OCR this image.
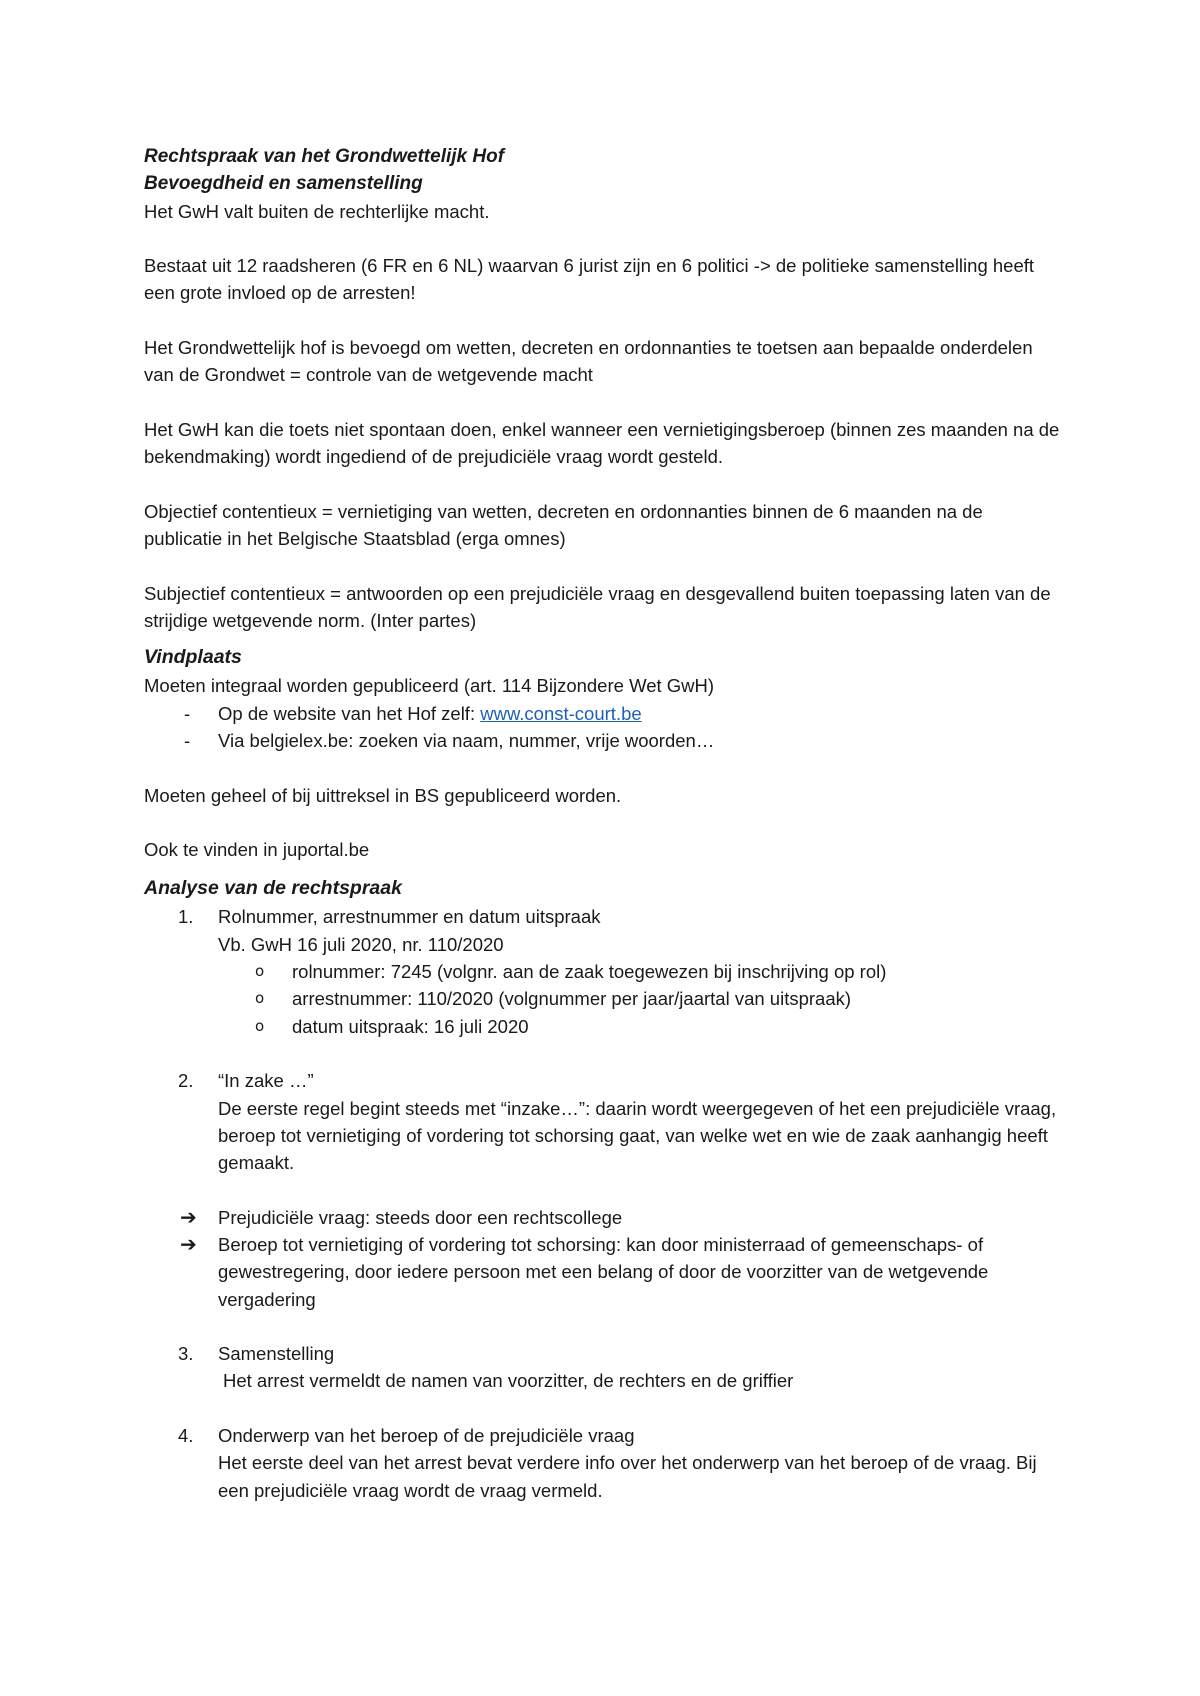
Rechtspraak van het Grondwettelijk Hof
Bevoegdheid en samenstelling
Het GwH valt buiten de rechterlijke macht.
Bestaat uit 12 raadsheren (6 FR en 6 NL) waarvan 6 jurist zijn en 6 politici -> de politieke samenstelling heeft een grote invloed op de arresten!
Het Grondwettelijk hof is bevoegd om wetten, decreten en ordonnanties te toetsen aan bepaalde onderdelen van de Grondwet = controle van de wetgevende macht
Het GwH kan die toets niet spontaan doen, enkel wanneer een vernietigingsberoep (binnen zes maanden na de bekendmaking) wordt ingediend of de prejudiciële vraag wordt gesteld.
Objectief contentieux = vernietiging van wetten, decreten en ordonnanties binnen de 6 maanden na de publicatie in het Belgische Staatsblad (erga omnes)
Subjectief contentieux = antwoorden op een prejudiciële vraag en desgevallend buiten toepassing laten van de strijdige wetgevende norm. (Inter partes)
Vindplaats
Moeten integraal worden gepubliceerd (art. 114 Bijzondere Wet GwH)
- Op de website van het Hof zelf: www.const-court.be
- Via belgielex.be: zoeken via naam, nummer, vrije woorden…
Moeten geheel of bij uittreksel in BS gepubliceerd worden.
Ook te vinden in juportal.be
Analyse van de rechtspraak
1. Rolnummer, arrestnummer en datum uitspraak
Vb. GwH 16 juli 2020, nr. 110/2020
o rolnummer: 7245 (volgnr. aan de zaak toegewezen bij inschrijving op rol)
o arrestnummer: 110/2020 (volgnummer per jaar/jaartal van uitspraak)
o datum uitspraak: 16 juli 2020
2. “In zake …”
De eerste regel begint steeds met “inzake…”: daarin wordt weergegeven of het een prejudiciële vraag, beroep tot vernietiging of vordering tot schorsing gaat, van welke wet en wie de zaak aanhangig heeft gemaakt.
➔ Prejudiciële vraag: steeds door een rechtscollege
➔ Beroep tot vernietiging of vordering tot schorsing: kan door ministerraad of gemeenschaps- of gewestregering, door iedere persoon met een belang of door de voorzitter van de wetgevende vergadering
3. Samenstelling
Het arrest vermeldt de namen van voorzitter, de rechters en de griffier
4. Onderwerp van het beroep of de prejudiciële vraag
Het eerste deel van het arrest bevat verdere info over het onderwerp van het beroep of de vraag. Bij een prejudiciële vraag wordt de vraag vermeld.
